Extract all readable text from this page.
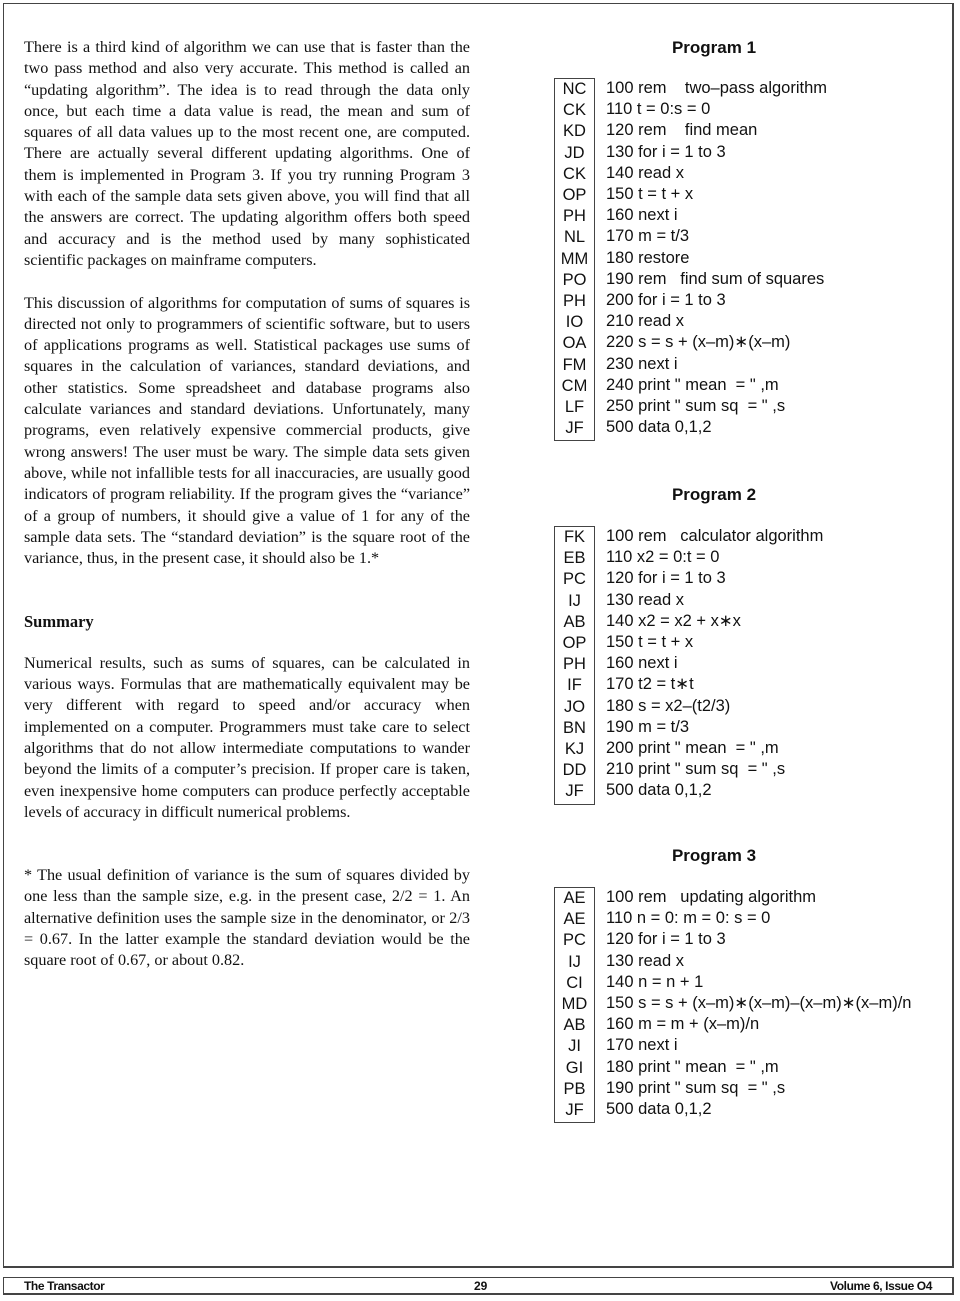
There is a third kind of algorithm we can use that is faster than the two pass method and also very accurate. This method is called an “updating algorithm”. The idea is to read through the data only once, but each time a data value is read, the mean and sum of squares of all data values up to the most recent one, are computed. There are actually several different updating algorithms. One of them is implemented in Program 3. If you try running Program 3 with each of the sample data sets given above, you will find that all the answers are correct. The updating algorithm offers both speed and accuracy and is the method used by many sophisticated scientific packages on mainframe computers.

This discussion of algorithms for computation of sums of squares is directed not only to programmers of scientific software, but to users of applications programs as well. Statistical packages use sums of squares in the calculation of variances, standard deviations, and other statistics. Some spreadsheet and database programs also calculate variances and standard deviations. Unfortunately, many programs, even relatively expensive commercial products, give wrong answers! The user must be wary. The simple data sets given above, while not infallible tests for all inaccuracies, are usually good indicators of program reliability. If the program gives the “variance” of a group of numbers, it should give a value of 1 for any of the sample data sets. The “standard deviation” is the square root of the variance, thus, in the present case, it should also be 1.*

Summary

Numerical results, such as sums of squares, can be calculated in various ways. Formulas that are mathematically equivalent may be very different with regard to speed and/or accuracy when implemented on a computer. Programmers must take care to select algorithms that do not allow intermediate computations to wander beyond the limits of a computer’s precision. If proper care is taken, even inexpensive home computers can produce perfectly acceptable levels of accuracy in difficult numerical problems.

* The usual definition of variance is the sum of squares divided by one less than the sample size, e.g. in the present case, 2/2 = 1. An alternative definition uses the sample size in the denominator, or 2/3 = 0.67. In the latter example the standard deviation would be the square root of 0.67, or about 0.82.

Program 1
NC
CK
KD
JD
CK
OP
PH
NL
MM
PO
PH
IO
OA
FM
CM
LF
JF
100 rem    two–pass algorithm
110 t = 0:s = 0
120 rem    find mean
130 for i = 1 to 3
140 read x
150 t = t + x
160 next i
170 m = t/3
180 restore
190 rem   find sum of squares
200 for i = 1 to 3
210 read x
220 s = s + (x–m)∗(x–m)
230 next i
240 print " mean  = " ,m
250 print " sum sq  = " ,s
500 data 0,1,2
Program 2
FK
EB
PC
IJ
AB
OP
PH
IF
JO
BN
KJ
DD
JF
100 rem   calculator algorithm
110 x2 = 0:t = 0
120 for i = 1 to 3
130 read x
140 x2 = x2 + x∗x
150 t = t + x
160 next i
170 t2 = t∗t
180 s = x2–(t2/3)
190 m = t/3
200 print " mean  = " ,m
210 print " sum sq  = " ,s
500 data 0,1,2
Program 3
AE
AE
PC
IJ
CI
MD
AB
JI
GI
PB
JF
100 rem   updating algorithm
110 n = 0: m = 0: s = 0
120 for i = 1 to 3
130 read x
140 n = n + 1
150 s = s + (x–m)∗(x–m)–(x–m)∗(x–m)/n
160 m = m + (x–m)/n
170 next i
180 print " mean  = " ,m
190 print " sum sq  = " ,s
500 data 0,1,2
The Transactor	29	Volume 6, Issue O4
